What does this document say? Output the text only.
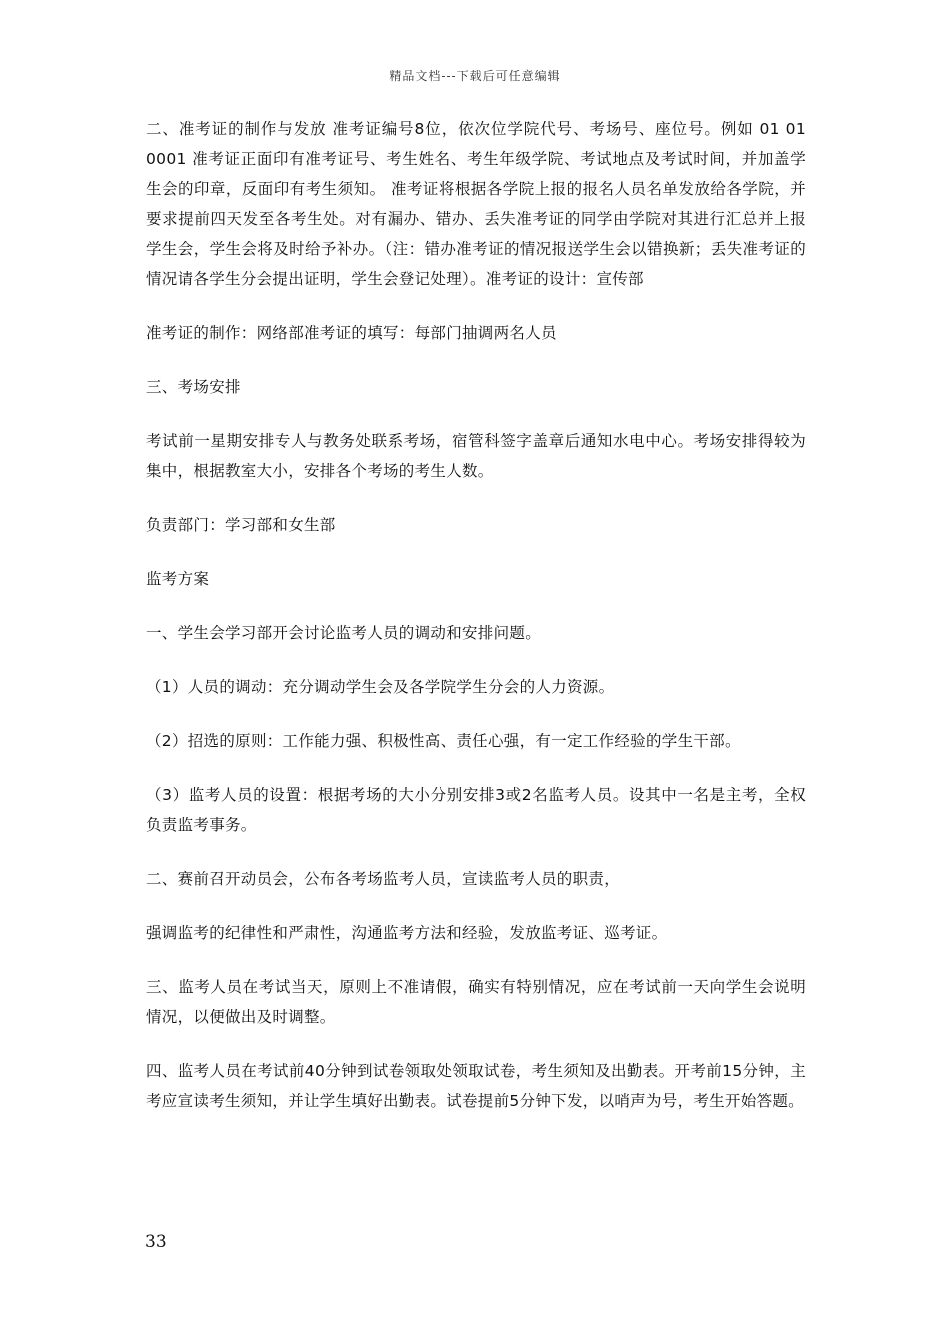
精品文档---下载后可任意编辑

二、准考证的制作与发放 准考证编号8位，依次位学院代号、考场号、座位号。例如 01 01 0001 准考证正面印有准考证号、考生姓名、考生年级学院、考试地点及考试时间，并加盖学生会的印章，反面印有考生须知。 准考证将根据各学院上报的报名人员名单发放给各学院，并要求提前四天发至各考生处。对有漏办、错办、丢失准考证的同学由学院对其进行汇总并上报学生会，学生会将及时给予补办。（注：错办准考证的情况报送学生会以错换新；丢失准考证的情况请各学生分会提出证明，学生会登记处理）。准考证的设计：宣传部

准考证的制作：网络部准考证的填写：每部门抽调两名人员

三、考场安排

考试前一星期安排专人与教务处联系考场，宿管科签字盖章后通知水电中心。考场安排得较为集中，根据教室大小，安排各个考场的考生人数。

负责部门：学习部和女生部

监考方案

一、学生会学习部开会讨论监考人员的调动和安排问题。

（1）人员的调动：充分调动学生会及各学院学生分会的人力资源。

（2）招选的原则：工作能力强、积极性高、责任心强，有一定工作经验的学生干部。

（3）监考人员的设置：根据考场的大小分别安排3或2名监考人员。设其中一名是主考，全权负责监考事务。

二、赛前召开动员会，公布各考场监考人员，宣读监考人员的职责，

强调监考的纪律性和严肃性，沟通监考方法和经验，发放监考证、巡考证。

三、监考人员在考试当天，原则上不准请假，确实有特别情况，应在考试前一天向学生会说明情况，以便做出及时调整。

四、监考人员在考试前40分钟到试卷领取处领取试卷，考生须知及出勤表。开考前15分钟，主考应宣读考生须知，并让学生填好出勤表。试卷提前5分钟下发，以哨声为号，考生开始答题。

33
